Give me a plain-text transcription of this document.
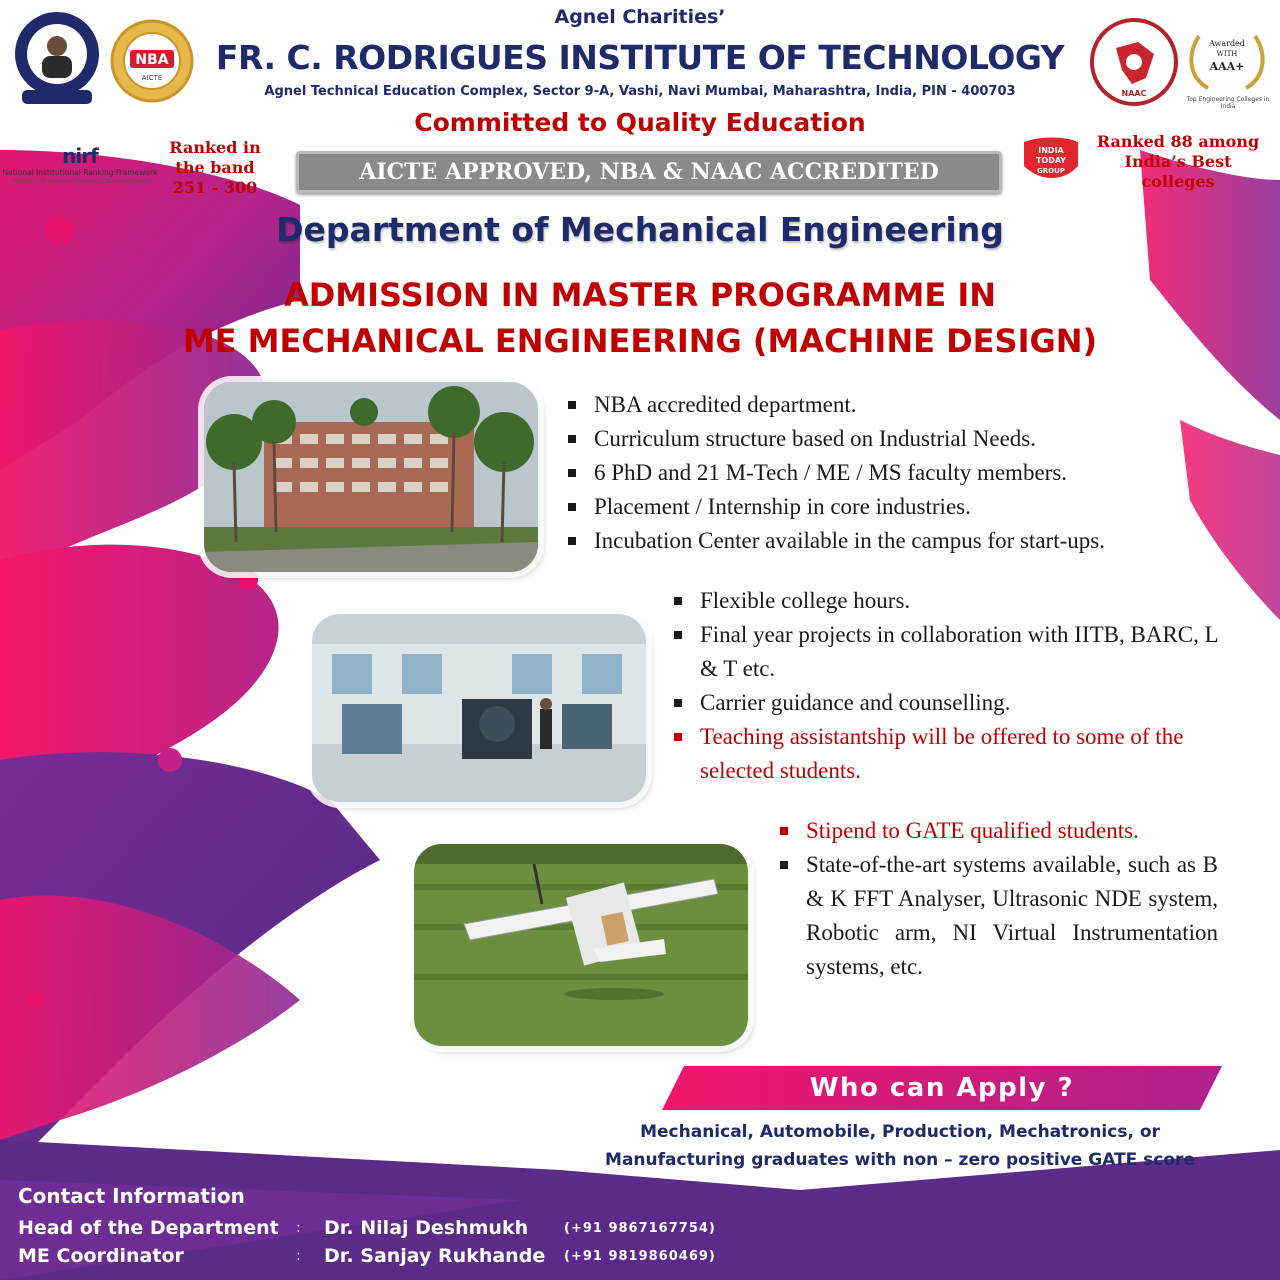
NBA
AICTE
NAAC
Awarded
WITH
AAA+
Top Engineering Colleges in India
Agnel Charities’
FR. C. RODRIGUES INSTITUTE OF TECHNOLOGY
Agnel Technical Education Complex, Sector 9-A, Vashi, Navi Mumbai, Maharashtra, India, PIN - 400703
Committed to Quality Education
nirf
National Institutional Ranking Framework
Ministry of Human Resource Development
Ranked in
the band
251 - 300
AICTE APPROVED, NBA & NAAC ACCREDITED
INDIA
TODAY
GROUP
Ranked 88 among
India’s Best
colleges
Department of Mechanical Engineering
ADMISSION IN MASTER PROGRAMME IN
ME MECHANICAL ENGINEERING (MACHINE DESIGN)
NBA accredited department.
Curriculum structure based on Industrial Needs.
6 PhD and 21 M-Tech / ME / MS faculty members.
Placement / Internship in core industries.
Incubation Center available in the campus for start-ups.
Flexible college hours.
Final year projects in collaboration with IITB, BARC, L & T etc.
Carrier guidance and counselling.
Teaching assistantship will be offered to some of the selected students.
Stipend to GATE qualified students.
State-of-the-art systems available, such as B & K FFT Analyser, Ultrasonic NDE system, Robotic arm, NI Virtual Instrumentation systems, etc.
Who can Apply ?
Mechanical, Automobile, Production, Mechatronics, or
Manufacturing graduates with non – zero positive GATE score
Contact Information
Head of the Department	:	Dr. Nilaj Deshmukh	(+91 9867167754)
ME Coordinator	:	Dr. Sanjay Rukhande	(+91 9819860469)
